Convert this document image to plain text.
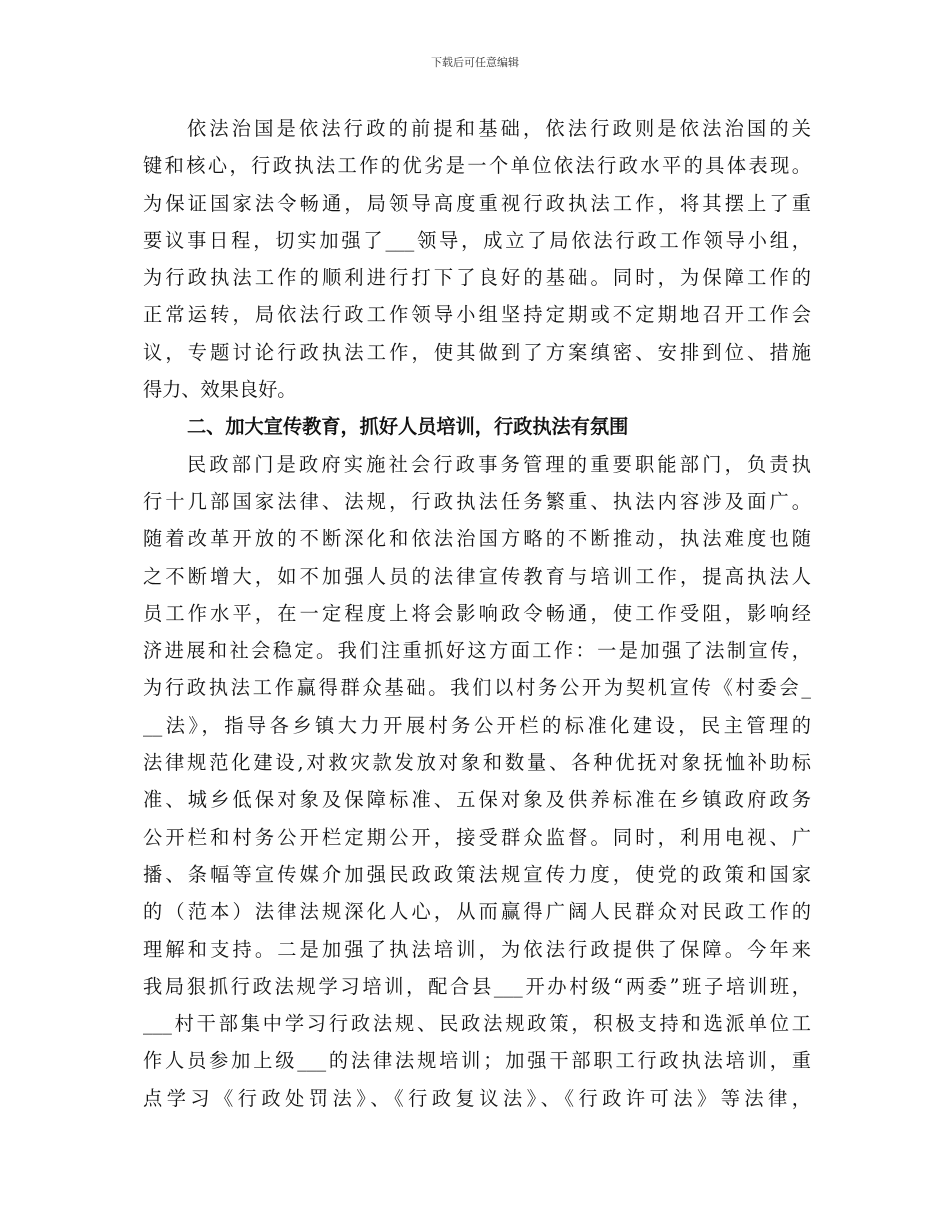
下载后可任意编辑
依法治国是依法行政的前提和基础，依法行政则是依法治国的关
键和核心，行政执法工作的优劣是一个单位依法行政水平的具体表现。
为保证国家法令畅通，局领导高度重视行政执法工作，将其摆上了重
要议事日程，切实加强了___领导，成立了局依法行政工作领导小组，
为行政执法工作的顺利进行打下了良好的基础。同时，为保障工作的
正常运转，局依法行政工作领导小组坚持定期或不定期地召开工作会
议，专题讨论行政执法工作，使其做到了方案缜密、安排到位、措施
得力、效果良好。
二、加大宣传教育，抓好人员培训，行政执法有氛围
民政部门是政府实施社会行政事务管理的重要职能部门，负责执
行十几部国家法律、法规，行政执法任务繁重、执法内容涉及面广。
随着改革开放的不断深化和依法治国方略的不断推动，执法难度也随
之不断增大，如不加强人员的法律宣传教育与培训工作，提高执法人
员工作水平，在一定程度上将会影响政令畅通，使工作受阻，影响经
济进展和社会稳定。我们注重抓好这方面工作：一是加强了法制宣传，
为行政执法工作赢得群众基础。我们以村务公开为契机宣传《村委会_
__法》，指导各乡镇大力开展村务公开栏的标准化建设，民主管理的
法律规范化建设,对救灾款发放对象和数量、各种优抚对象抚恤补助标
准、城乡低保对象及保障标准、五保对象及供养标准在乡镇政府政务
公开栏和村务公开栏定期公开，接受群众监督。同时，利用电视、广
播、条幅等宣传媒介加强民政政策法规宣传力度，使党的政策和国家
的（范本）法律法规深化人心，从而赢得广阔人民群众对民政工作的
理解和支持。二是加强了执法培训，为依法行政提供了保障。今年来
我局狠抓行政法规学习培训，配合县___开办村级“两委”班子培训班，
___村干部集中学习行政法规、民政法规政策，积极支持和选派单位工
作人员参加上级___的法律法规培训；加强干部职工行政执法培训，重
点学习《行政处罚法》、《行政复议法》、《行政许可法》等法律，
